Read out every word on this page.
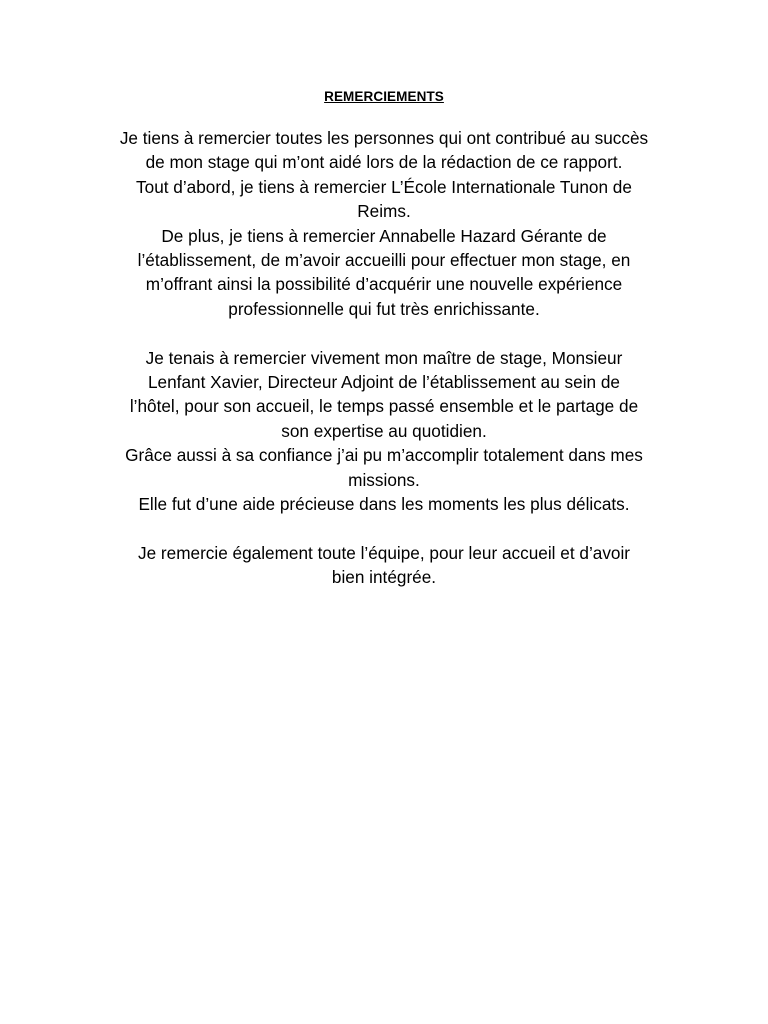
REMERCIEMENTS

Je tiens à remercier toutes les personnes qui ont contribué au succès
de mon stage qui m’ont aidé lors de la rédaction de ce rapport.
Tout d’abord, je tiens à remercier L’École Internationale Tunon de
Reims.
De plus, je tiens à remercier Annabelle Hazard Gérante de
l’établissement, de m’avoir accueilli pour effectuer mon stage, en
m’offrant ainsi la possibilité d’acquérir une nouvelle expérience
professionnelle qui fut très enrichissante.

Je tenais à remercier vivement mon maître de stage, Monsieur
Lenfant Xavier, Directeur Adjoint de l’établissement au sein de
l’hôtel, pour son accueil, le temps passé ensemble et le partage de
son expertise au quotidien.
Grâce aussi à sa confiance j’ai pu m’accomplir totalement dans mes
missions.
Elle fut d’une aide précieuse dans les moments les plus délicats.

Je remercie également toute l’équipe, pour leur accueil et d’avoir
bien intégrée.
